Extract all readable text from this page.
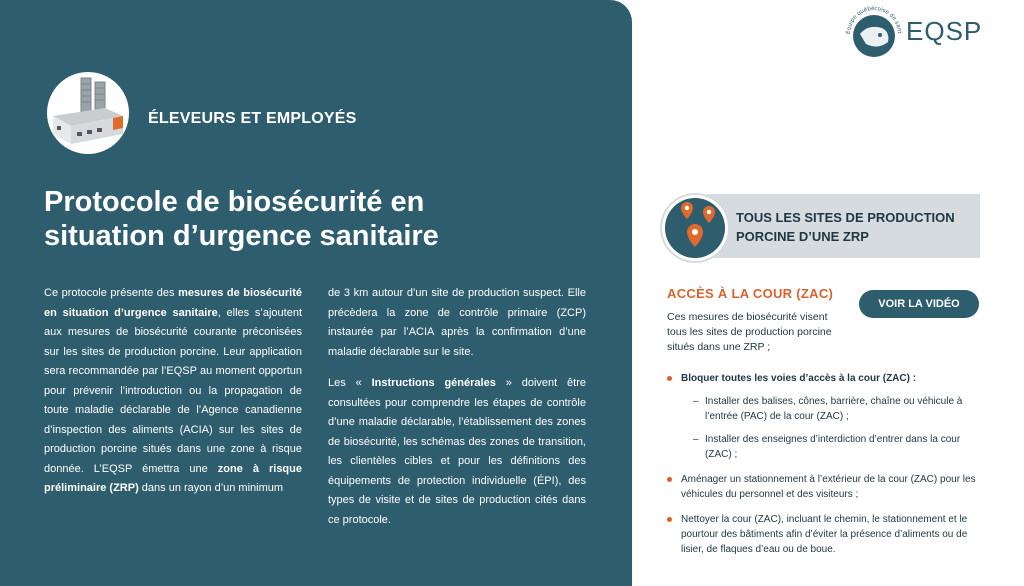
ÉLEVEURS ET EMPLOYÉS
Protocole de biosécurité en
situation d’urgence sanitaire

Ce protocole présente des mesures de biosécurité en situation d’urgence sanitaire, elles s’ajoutent aux mesures de biosécurité courante préconisées sur les sites de production porcine. Leur application sera recommandée par l’EQSP au moment opportun pour prévenir l’introduction ou la propagation de toute maladie déclarable de l’Agence canadienne d’inspection des aliments (ACIA) sur les sites de production porcine situés dans une zone à risque donnée. L’EQSP émettra une zone à risque préliminaire (ZRP) dans un rayon d’un minimum

de 3 km autour d’un site de production suspect. Elle précèdera la zone de contrôle primaire (ZCP) instaurée par l’ACIA après la confirmation d’une maladie déclarable sur le site.

Les « Instructions générales » doivent être consultées pour comprendre les étapes de contrôle d’une maladie déclarable, l’établissement des zones de biosécurité, les schémas des zones de transition, les clientèles cibles et pour les définitions des équipements de protection individuelle (ÉPI), des types de visite et de sites de production cités dans ce protocole.

Équipe québécoise de sant EQSP
TOUS LES SITES DE PRODUCTION
PORCINE D’UNE ZRP
ACCÈS À LA COUR (ZAC)
VOIR LA VIDÉO

Ces mesures de biosécurité visent tous les sites de production porcine situés dans une ZRP ;

Bloquer toutes les voies d’accès à la cour (ZAC) :
– Installer des balises, cônes, barrière, chaîne ou véhicule à l’entrée (PAC) de la cour (ZAC) ;
– Installer des enseignes d’interdiction d’entrer dans la cour (ZAC) ;
Aménager un stationnement à l’extérieur de la cour (ZAC) pour les véhicules du personnel et des visiteurs ;
Nettoyer la cour (ZAC), incluant le chemin, le stationnement et le pourtour des bâtiments afin d’éviter la présence d’aliments ou de lisier, de flaques d’eau ou de boue.
